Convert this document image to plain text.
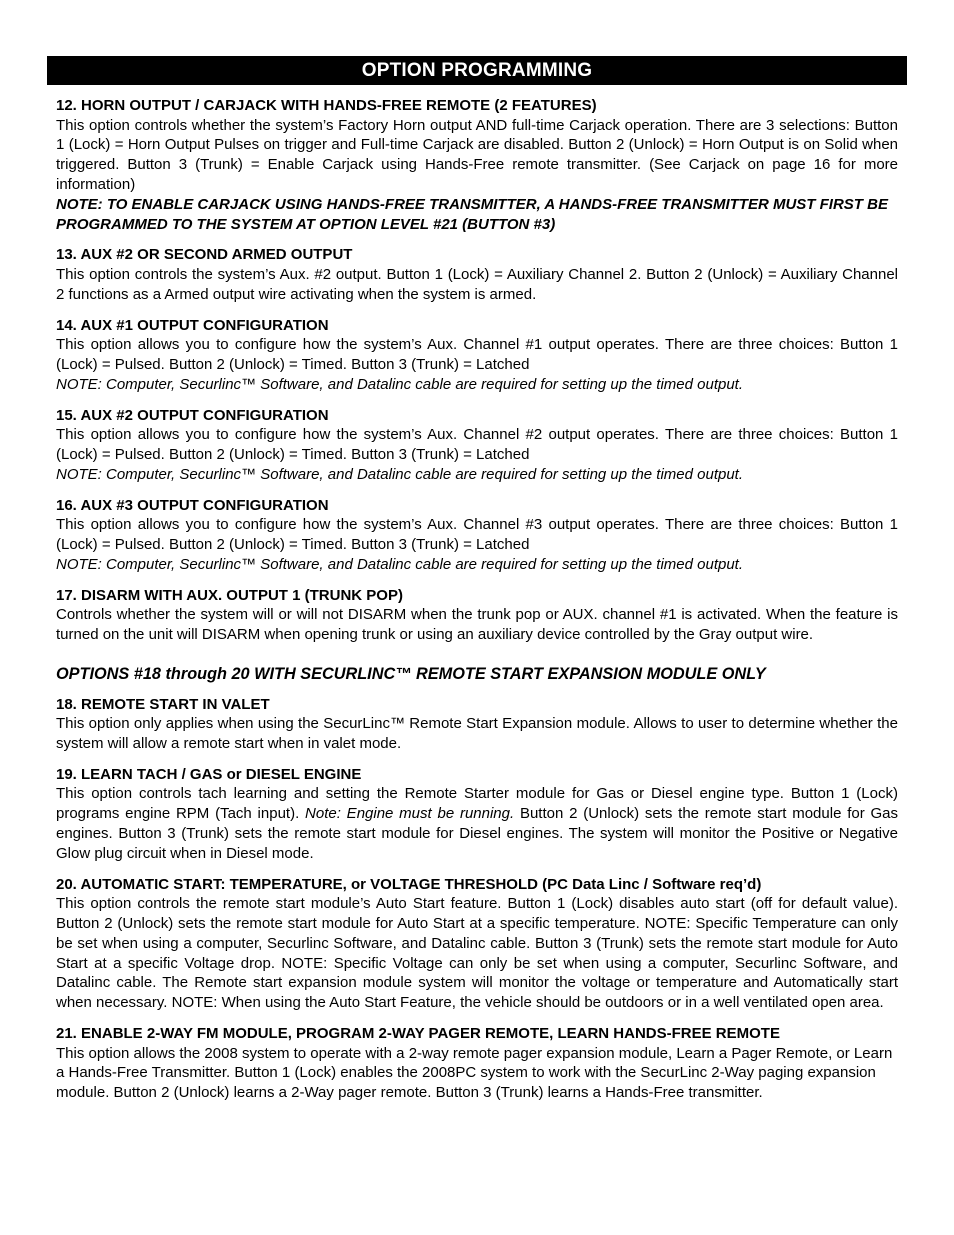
OPTION PROGRAMMING
12. HORN OUTPUT / CARJACK WITH HANDS-FREE REMOTE (2 FEATURES)
This option controls whether the system’s Factory Horn output AND full-time Carjack operation. There are 3 selections: Button 1 (Lock) = Horn Output Pulses on trigger and Full-time Carjack are disabled. Button 2 (Unlock) = Horn Output is on Solid when triggered. Button 3 (Trunk) = Enable Carjack using Hands-Free remote transmitter. (See Carjack on page 16 for more information)
NOTE: TO ENABLE CARJACK USING HANDS-FREE TRANSMITTER, A HANDS-FREE TRANSMITTER MUST FIRST BE PROGRAMMED TO THE SYSTEM AT OPTION LEVEL #21 (BUTTON #3)
13. AUX #2 OR SECOND ARMED OUTPUT
This option controls the system’s Aux. #2 output. Button 1 (Lock) = Auxiliary Channel 2. Button 2 (Unlock) = Auxiliary Channel 2 functions as a Armed output wire activating when the system is armed.
14. AUX #1 OUTPUT CONFIGURATION
This option allows you to configure how the system’s Aux. Channel #1 output operates. There are three choices: Button 1 (Lock) = Pulsed. Button 2 (Unlock) = Timed. Button 3 (Trunk) = Latched
NOTE: Computer, Securlinc™ Software, and Datalinc cable are required for setting up the timed output.
15. AUX #2 OUTPUT CONFIGURATION
This option allows you to configure how the system’s Aux. Channel #2 output operates. There are three choices: Button 1 (Lock) = Pulsed. Button 2 (Unlock) = Timed. Button 3 (Trunk) = Latched
NOTE: Computer, Securlinc™ Software, and Datalinc cable are required for setting up the timed output.
16. AUX #3 OUTPUT CONFIGURATION
This option allows you to configure how the system’s Aux. Channel #3 output operates. There are three choices: Button 1 (Lock) = Pulsed. Button 2 (Unlock) = Timed. Button 3 (Trunk) = Latched
NOTE: Computer, Securlinc™ Software, and Datalinc cable are required for setting up the timed output.
17. DISARM WITH AUX. OUTPUT 1 (TRUNK POP)
Controls whether the system will or will not DISARM when the trunk pop or AUX. channel #1 is activated. When the feature is turned on the unit will DISARM when opening trunk or using an auxiliary device controlled by the Gray output wire.
OPTIONS #18 through 20 WITH SECURLINC™ REMOTE START EXPANSION MODULE ONLY
18. REMOTE START IN VALET
This option only applies when using the SecurLinc™ Remote Start Expansion module. Allows to user to determine whether the system will allow a remote start when in valet mode.
19. LEARN TACH / GAS or DIESEL ENGINE
This option controls tach learning and setting the Remote Starter module for Gas or Diesel engine type. Button 1 (Lock) programs engine RPM (Tach input). Note: Engine must be running. Button 2 (Unlock) sets the remote start module for Gas engines. Button 3 (Trunk) sets the remote start module for Diesel engines. The system will monitor the Positive or Negative Glow plug circuit when in Diesel mode.
20. AUTOMATIC START: TEMPERATURE, or VOLTAGE THRESHOLD (PC Data Linc / Software req’d)
This option controls the remote start module’s Auto Start feature. Button 1 (Lock) disables auto start (off for default value). Button 2 (Unlock) sets the remote start module for Auto Start at a specific temperature. NOTE: Specific Temperature can only be set when using a computer, Securlinc Software, and Datalinc cable. Button 3 (Trunk) sets the remote start module for Auto Start at a specific Voltage drop. NOTE: Specific Voltage can only be set when using a computer, Securlinc Software, and Datalinc cable. The Remote start expansion module system will monitor the voltage or temperature and Automatically start when necessary. NOTE: When using the Auto Start Feature, the vehicle should be outdoors or in a well ventilated open area.
21. ENABLE 2-WAY FM MODULE, PROGRAM 2-WAY PAGER REMOTE, LEARN HANDS-FREE REMOTE
This option allows the 2008 system to operate with a 2-way remote pager expansion module, Learn a Pager Remote, or Learn a Hands-Free Transmitter. Button 1 (Lock) enables the 2008PC system to work with the SecurLinc 2-Way paging expansion module. Button 2 (Unlock) learns a 2-Way pager remote. Button 3 (Trunk) learns a Hands-Free transmitter.
